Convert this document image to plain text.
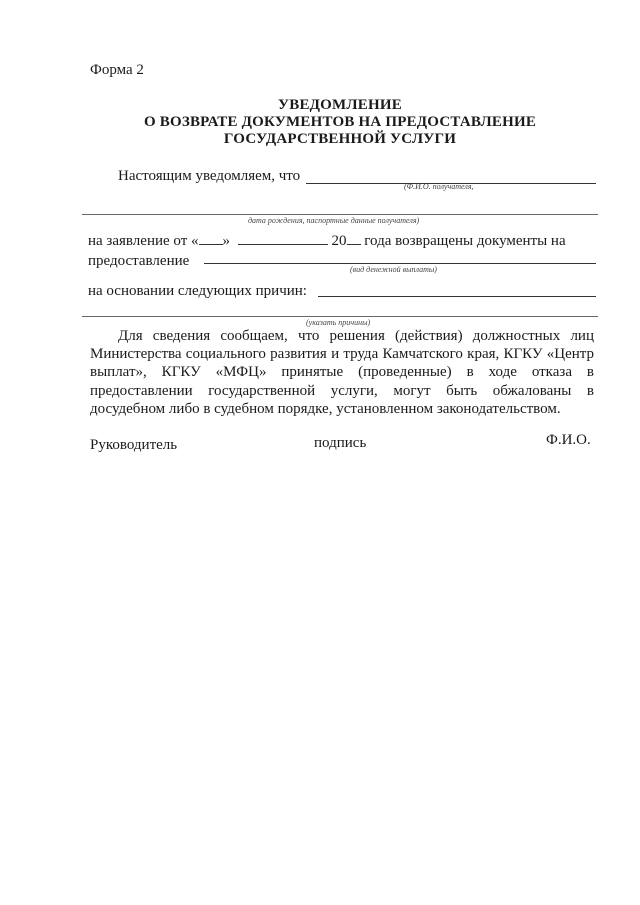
Форма 2
УВЕДОМЛЕНИЕ
О ВОЗВРАТЕ ДОКУМЕНТОВ НА ПРЕДОСТАВЛЕНИЕ
ГОСУДАРСТВЕННОЙ УСЛУГИ
Настоящим уведомляем, что
(Ф.И.О. получателя,
дата рождения, паспортные данные получателя)
на заявление от « »	20 года возвращены документы на
предоставление
(вид денежной выплаты)
на основании следующих причин:
(указать причины)
Для сведения сообщаем, что решения (действия) должностных лиц Министерства социального развития и труда Камчатского края, КГКУ «Центр выплат», КГКУ «МФЦ» принятые (проведенные) в ходе отказа в предоставлении государственной услуги, могут быть обжалованы в досудебном либо в судебном порядке, установленном законодательством.
Руководитель	подпись	Ф.И.О.
